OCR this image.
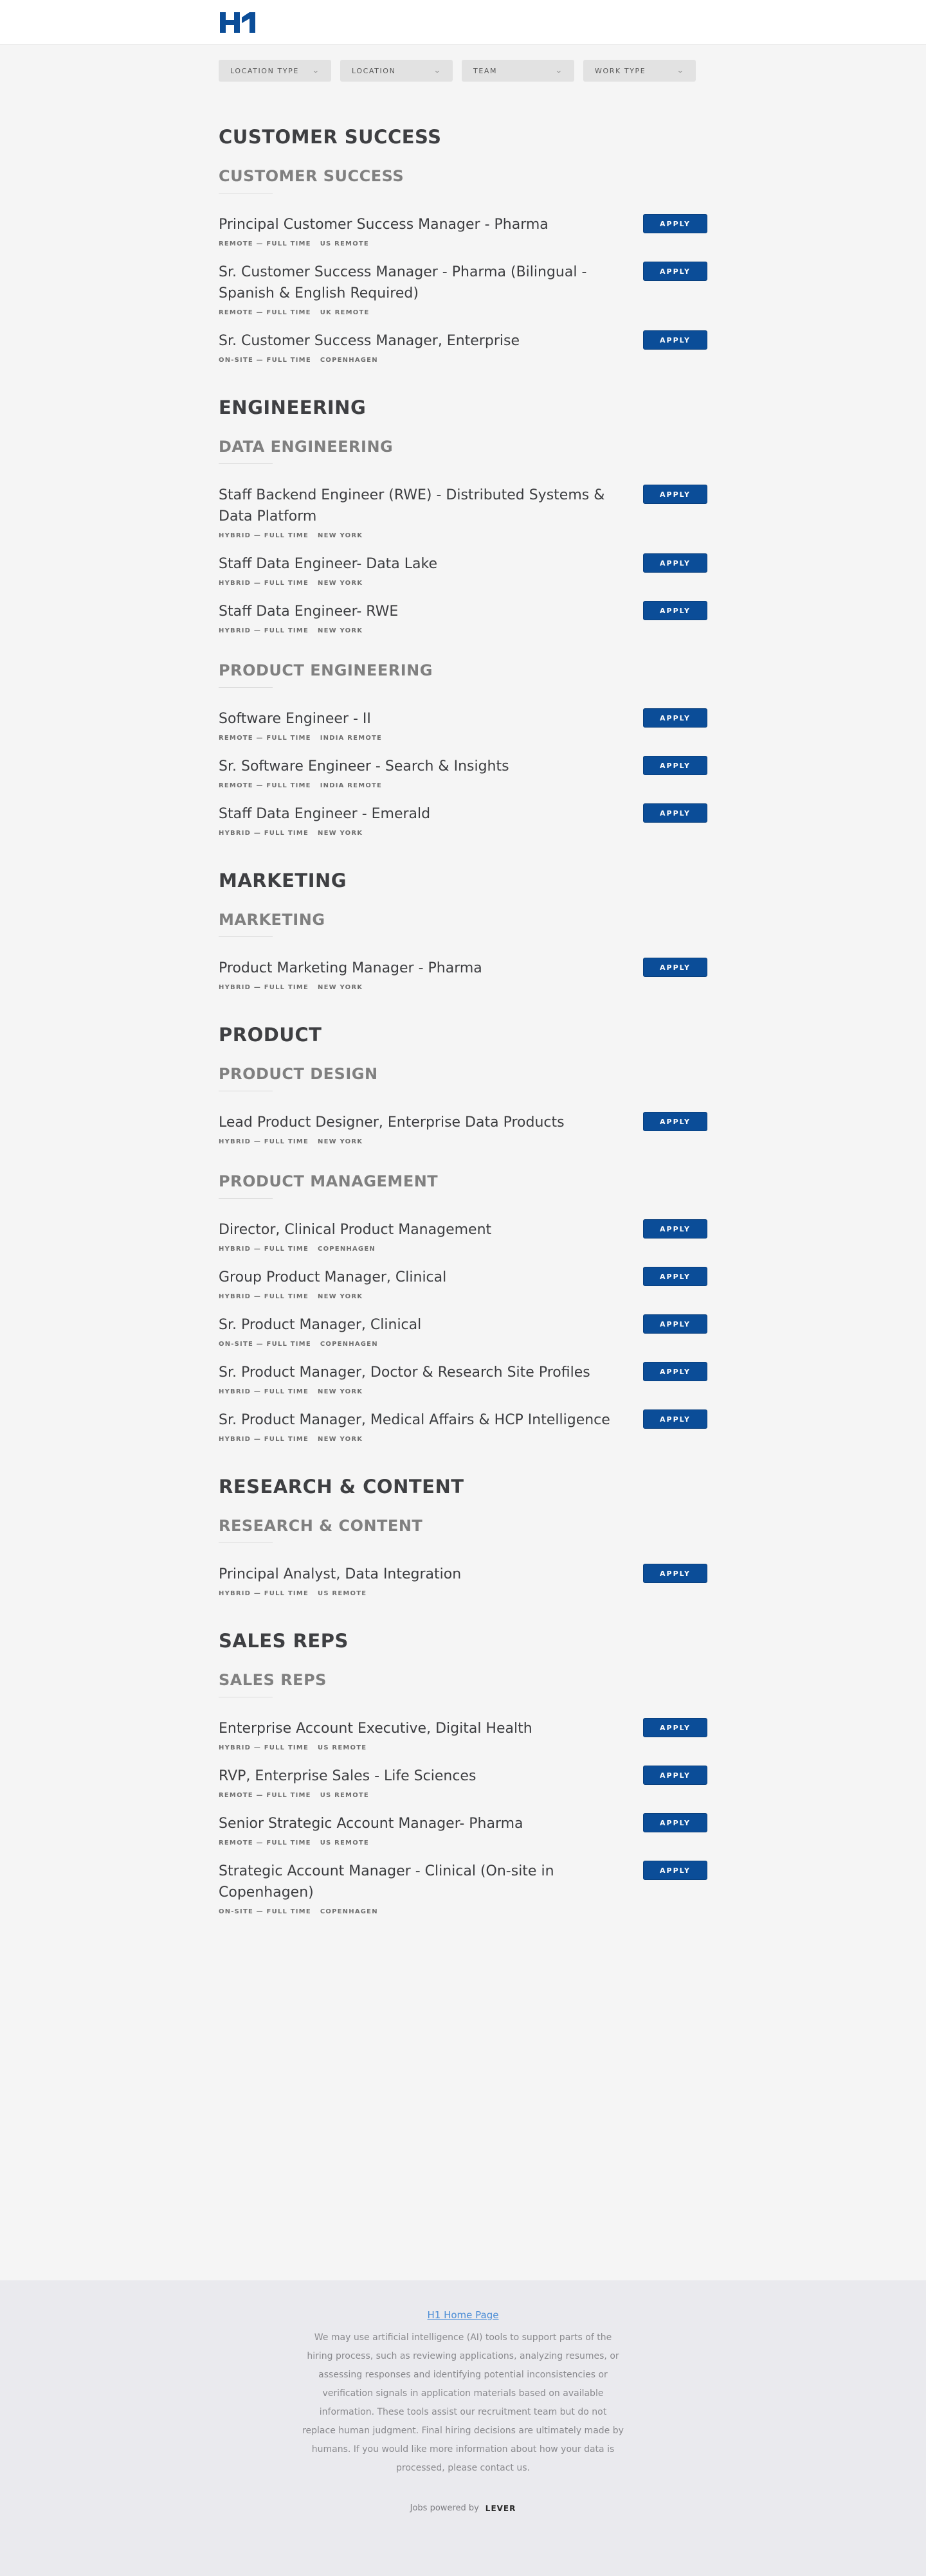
LOCATION TYPE ⌄	LOCATION	⌄	TEAM	⌄	WORK TYPE	⌄
CUSTOMER SUCCESS
CUSTOMER SUCCESS
APPLY
Principal Customer Success Manager - Pharma
REMOTE — FULL TIME US REMOTE
APPLY
Sr. Customer Success Manager - Pharma (Bilingual - Spanish & English Required)
REMOTE — FULL TIME UK REMOTE
APPLY
Sr. Customer Success Manager, Enterprise
ON-SITE — FULL TIME COPENHAGEN
ENGINEERING
DATA ENGINEERING
APPLY
Staff Backend Engineer (RWE) - Distributed Systems & Data Platform
HYBRID — FULL TIME NEW YORK
APPLY
Staff Data Engineer- Data Lake
HYBRID — FULL TIME NEW YORK
APPLY
Staff Data Engineer- RWE
HYBRID — FULL TIME NEW YORK
PRODUCT ENGINEERING
APPLY
Software Engineer - II
REMOTE — FULL TIME INDIA REMOTE
APPLY
Sr. Software Engineer - Search & Insights
REMOTE — FULL TIME INDIA REMOTE
APPLY
Staff Data Engineer - Emerald
HYBRID — FULL TIME NEW YORK
MARKETING
MARKETING
APPLY
Product Marketing Manager - Pharma
HYBRID — FULL TIME NEW YORK
PRODUCT
PRODUCT DESIGN
APPLY
Lead Product Designer, Enterprise Data Products
HYBRID — FULL TIME NEW YORK
PRODUCT MANAGEMENT
APPLY
Director, Clinical Product Management
HYBRID — FULL TIME COPENHAGEN
APPLY
Group Product Manager, Clinical
HYBRID — FULL TIME NEW YORK
APPLY
Sr. Product Manager, Clinical
ON-SITE — FULL TIME COPENHAGEN
APPLY
Sr. Product Manager, Doctor & Research Site Profiles
HYBRID — FULL TIME NEW YORK
APPLY
Sr. Product Manager, Medical Affairs & HCP Intelligence
HYBRID — FULL TIME NEW YORK
RESEARCH & CONTENT
RESEARCH & CONTENT
APPLY
Principal Analyst, Data Integration
HYBRID — FULL TIME US REMOTE
SALES REPS
SALES REPS
APPLY
Enterprise Account Executive, Digital Health
HYBRID — FULL TIME US REMOTE
APPLY
RVP, Enterprise Sales - Life Sciences
REMOTE — FULL TIME US REMOTE
APPLY
Senior Strategic Account Manager- Pharma
REMOTE — FULL TIME US REMOTE
APPLY
Strategic Account Manager - Clinical (On-site in Copenhagen)
ON-SITE — FULL TIME COPENHAGEN
H1 Home Page

We may use artificial intelligence (AI) tools to support parts of the hiring process, such as reviewing applications, analyzing resumes, or assessing responses and identifying potential inconsistencies or verification signals in application materials based on available information. These tools assist our recruitment team but do not replace human judgment. Final hiring decisions are ultimately made by humans. If you would like more information about how your data is processed, please contact us.

Jobs powered by LEVER
